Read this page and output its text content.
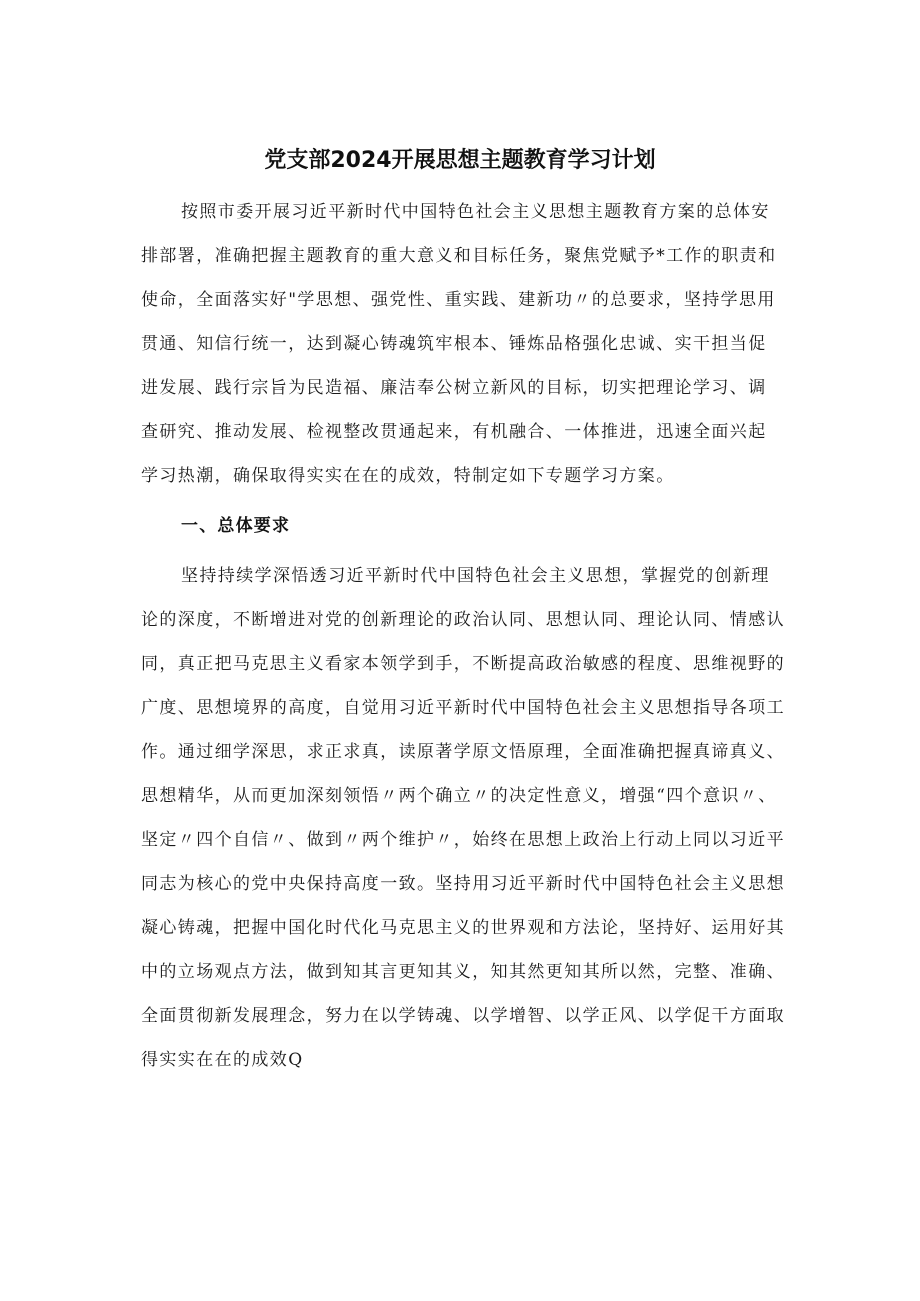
党支部2024开展思想主题教育学习计划
按照市委开展习近平新时代中国特色社会主义思想主题教育方案的总体安
排部署，准确把握主题教育的重大意义和目标任务，聚焦党赋予*工作的职责和
使命，全面落实好"学思想、强党性、重实践、建新功〃的总要求，坚持学思用
贯通、知信行统一，达到凝心铸魂筑牢根本、锤炼品格强化忠诚、实干担当促
进发展、践行宗旨为民造福、廉洁奉公树立新风的目标，切实把理论学习、调
查研究、推动发展、检视整改贯通起来，有机融合、一体推进，迅速全面兴起
学习热潮，确保取得实实在在的成效，特制定如下专题学习方案。
一、总体要求
坚持持续学深悟透习近平新时代中国特色社会主义思想，掌握党的创新理
论的深度，不断增进对党的创新理论的政治认同、思想认同、理论认同、情感认
同，真正把马克思主义看家本领学到手，不断提高政治敏感的程度、思维视野的
广度、思想境界的高度，自觉用习近平新时代中国特色社会主义思想指导各项工
作。通过细学深思，求正求真，读原著学原文悟原理，全面准确把握真谛真义、
思想精华，从而更加深刻领悟〃两个确立〃的决定性意义，增强“四个意识〃、
坚定〃四个自信〃、做到〃两个维护〃，始终在思想上政治上行动上同以习近平
同志为核心的党中央保持高度一致。坚持用习近平新时代中国特色社会主义思想
凝心铸魂，把握中国化时代化马克思主义的世界观和方法论，坚持好、运用好其
中的立场观点方法，做到知其言更知其义，知其然更知其所以然，完整、准确、
全面贯彻新发展理念，努力在以学铸魂、以学增智、以学正风、以学促干方面取
得实实在在的成效Q
